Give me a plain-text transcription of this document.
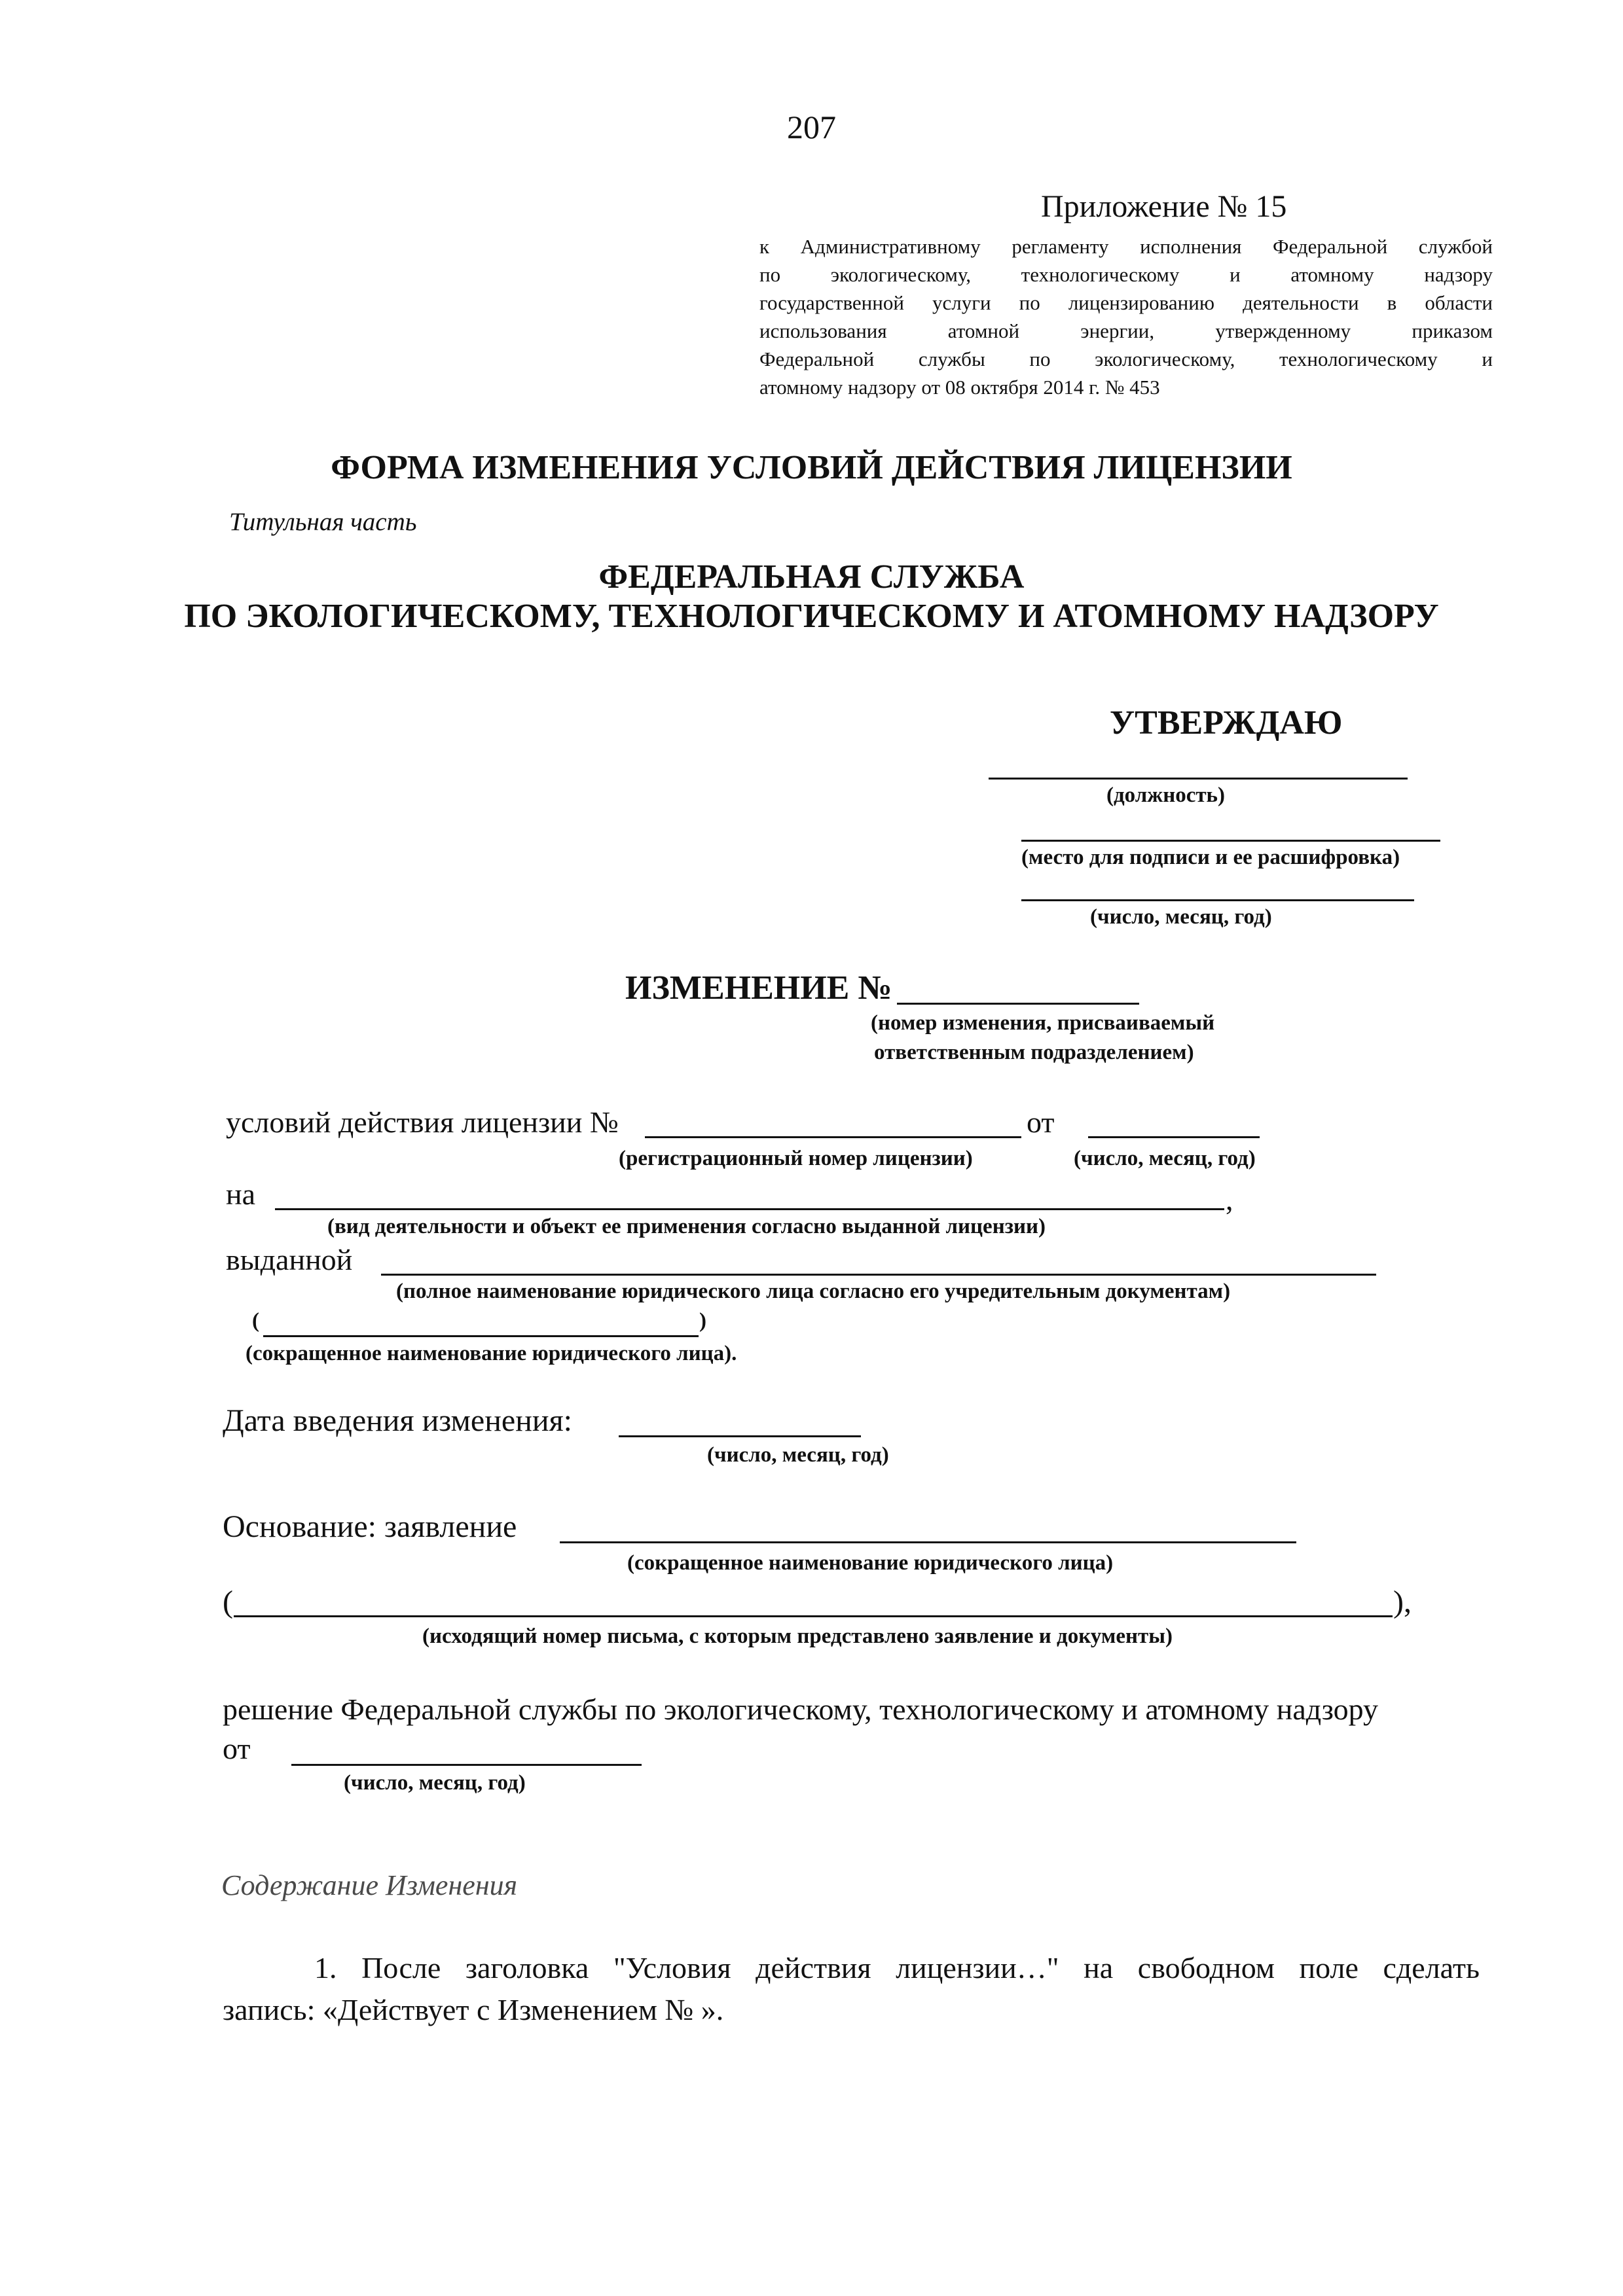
207
Приложение № 15
к Административному регламенту исполнения Федеральной службой
по экологическому, технологическому и атомному надзору
государственной услуги по лицензированию деятельности в области
использования атомной энергии, утвержденному приказом
Федеральной службы по экологическому, технологическому и
атомному надзору от 08 октября 2014 г. № 453
ФОРМА ИЗМЕНЕНИЯ УСЛОВИЙ ДЕЙСТВИЯ ЛИЦЕНЗИИ
Титульная часть
ФЕДЕРАЛЬНАЯ СЛУЖБА
ПО ЭКОЛОГИЧЕСКОМУ, ТЕХНОЛОГИЧЕСКОМУ И АТОМНОМУ НАДЗОРУ
УТВЕРЖДАЮ
(должность)
(место для подписи и ее расшифровка)
(число, месяц, год)
ИЗМЕНЕНИЕ №
(номер изменения, присваиваемый
ответственным подразделением)
условий действия лицензии №	от
(регистрационный номер лицензии)	(число, месяц, год)
на	,
(вид деятельности и объект ее применения согласно выданной лицензии)
выданной
(полное наименование юридического лица согласно его учредительным документам)
(	)
(сокращенное наименование юридического лица).
Дата введения изменения:
(число, месяц, год)
Основание: заявление
(сокращенное наименование юридического лица)
(	),
(исходящий номер письма, с которым представлено заявление и документы)
решение Федеральной службы по экологическому, технологическому и атомному надзору
от
(число, месяц, год)
Содержание Изменения
1. После заголовка "Условия действия лицензии…" на свободном поле сделать
запись: «Действует с Изменением № ».
